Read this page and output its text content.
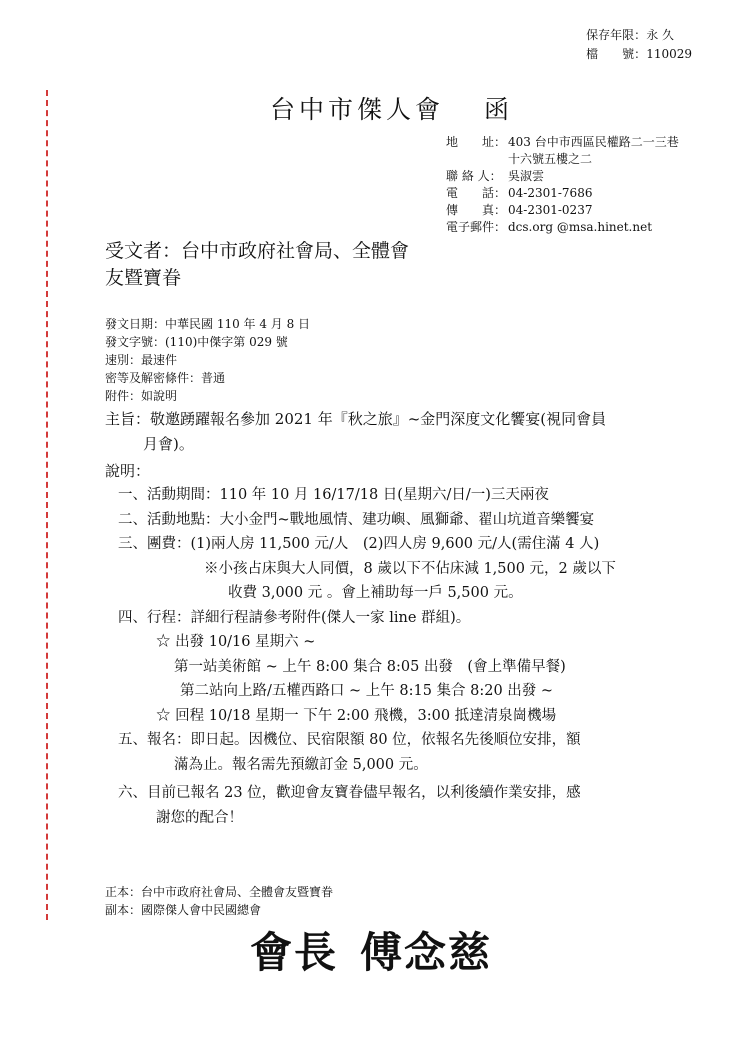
保存年限：永 久
檔　　號：110029
台中市傑人會 函
地　　址： 403 台中市西區民權路二一三巷
十六號五樓之二
聯 絡 人： 吳淑雲
電　　話： 04-2301-7686
傳　　真： 04-2301-0237
電子郵件： dcs.org @msa.hinet.net
受文者：台中市政府社會局、全體會
友暨寶眷
發文日期：中華民國 110 年 4 月 8 日
發文字號：(110)中傑字第 029 號
速別：最速件
密等及解密條件：普通
附件：如說明
主旨：敬邀踴躍報名參加 2021 年『秋之旅』~金門深度文化饗宴(視同會員
月會)。
說明：
一、活動期間：110 年 10 月 16/17/18 日(星期六/日/一)三天兩夜
二、活動地點：大小金門~戰地風情、建功嶼、風獅爺、翟山坑道音樂饗宴
三、團費：(1)兩人房 11,500 元/人　(2)四人房 9,600 元/人(需住滿 4 人)
※小孩占床與大人同價，8 歲以下不佔床減 1,500 元，2 歲以下
收費 3,000 元 。會上補助每一戶 5,500 元。
四、行程：詳細行程請參考附件(傑人一家 line 群組)。
☆ 出發 10/16 星期六 ~
第一站美術館 ~ 上午 8:00 集合 8:05 出發　(會上準備早餐)
第二站向上路/五權西路口 ~ 上午 8:15 集合 8:20 出發 ~
☆ 回程 10/18 星期一 下午 2:00 飛機，3:00 抵達清泉崗機場
五、報名：即日起。因機位、民宿限額 80 位，依報名先後順位安排，額
滿為止。報名需先預繳訂金 5,000 元。
六、目前已報名 23 位，歡迎會友寶眷儘早報名，以利後續作業安排，感
謝您的配合！
正本：台中市政府社會局、全體會友暨寶眷
副本：國際傑人會中民國總會
會長 傅念慈
